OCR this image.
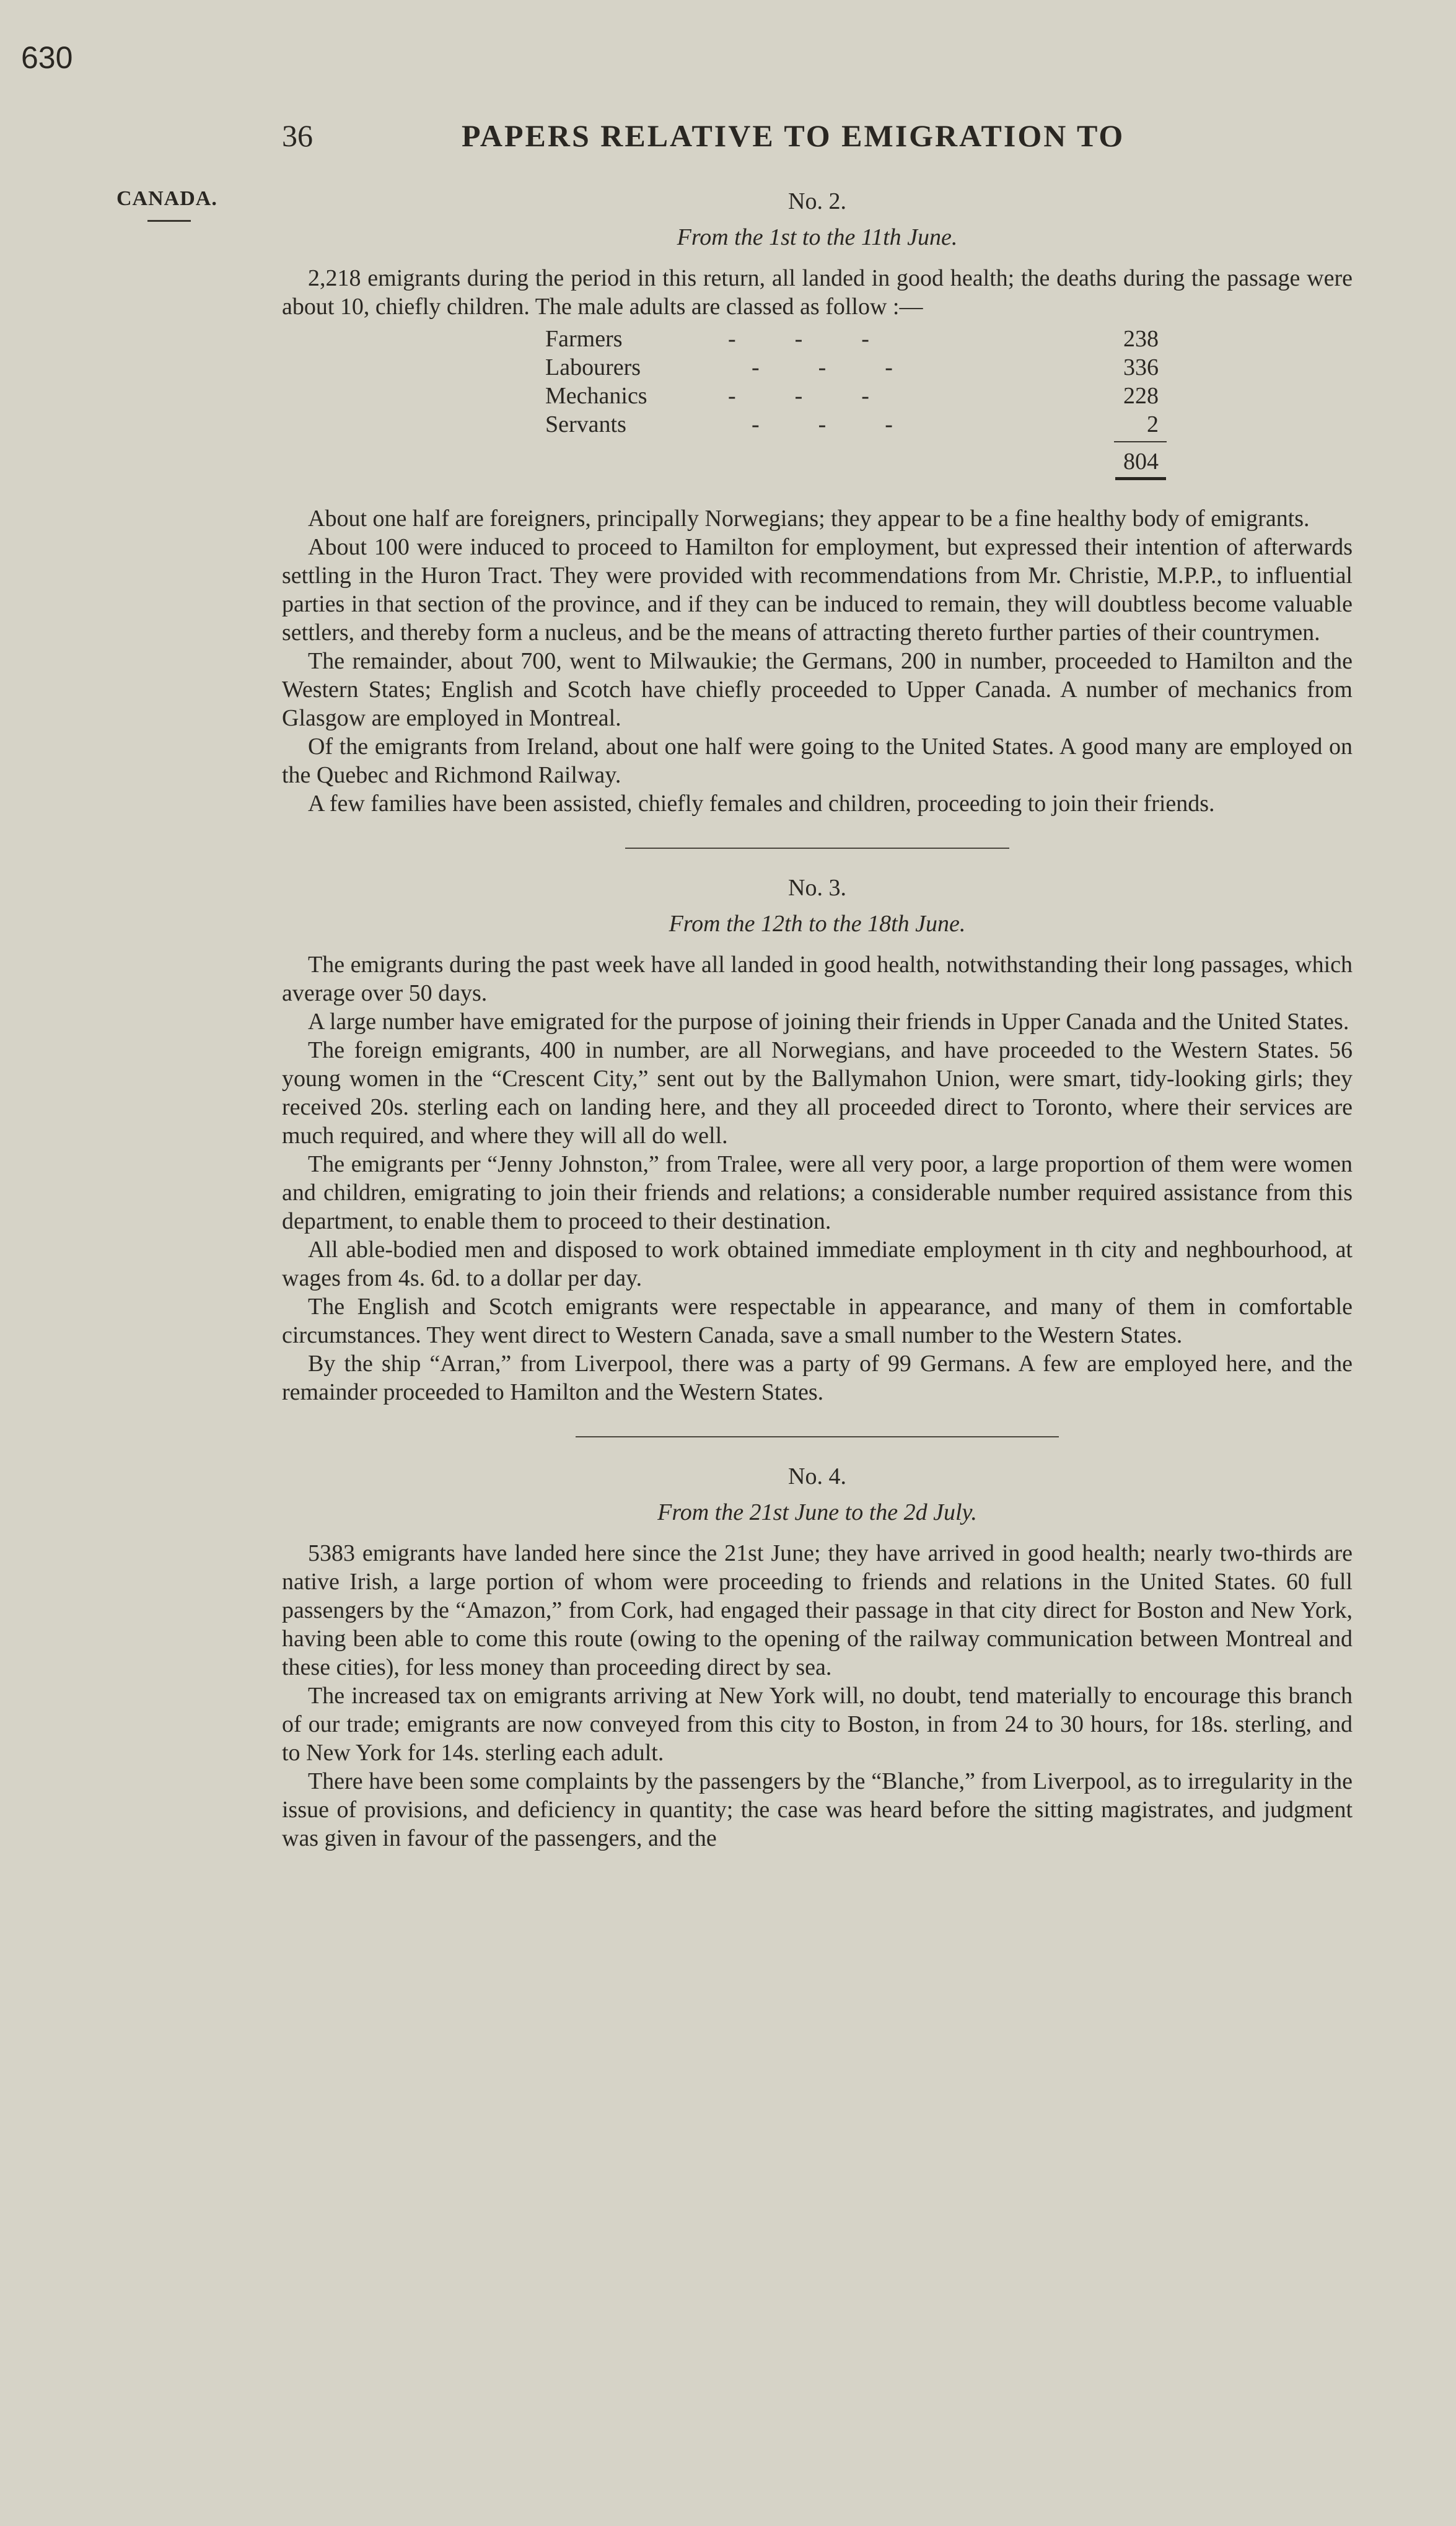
630
36	PAPERS RELATIVE TO EMIGRATION TO
CANADA.	No. 2.
From the 1st to the 11th June.

2,218 emigrants during the period in this return, all landed in good health; the deaths during the passage were about 10, chiefly children. The male adults are classed as follow :—

Farmers	-          -          -	238
Labourers	-          -          -	336
Mechanics	-          -          -	228
Servants	-          -          -	2
804

About one half are foreigners, principally Norwegians; they appear to be a fine healthy body of emigrants.

About 100 were induced to proceed to Hamilton for employment, but expressed their intention of afterwards settling in the Huron Tract. They were provided with recommendations from Mr. Christie, M.P.P., to influential parties in that section of the province, and if they can be induced to remain, they will doubtless become valuable settlers, and thereby form a nucleus, and be the means of attracting thereto further parties of their countrymen.

The remainder, about 700, went to Milwaukie; the Germans, 200 in number, proceeded to Hamilton and the Western States; English and Scotch have chiefly proceeded to Upper Canada. A number of mechanics from Glasgow are employed in Montreal.

Of the emigrants from Ireland, about one half were going to the United States. A good many are employed on the Quebec and Richmond Railway.

A few families have been assisted, chiefly females and children, proceeding to join their friends.

No. 3.
From the 12th to the 18th June.

The emigrants during the past week have all landed in good health, notwithstanding their long passages, which average over 50 days.

A large number have emigrated for the purpose of joining their friends in Upper Canada and the United States.

The foreign emigrants, 400 in number, are all Norwegians, and have proceeded to the Western States. 56 young women in the “Crescent City,” sent out by the Ballymahon Union, were smart, tidy-looking girls; they received 20s. sterling each on landing here, and they all proceeded direct to Toronto, where their services are much required, and where they will all do well.

The emigrants per “Jenny Johnston,” from Tralee, were all very poor, a large proportion of them were women and children, emigrating to join their friends and relations; a considerable number required assistance from this department, to enable them to proceed to their destination.

All able-bodied men and disposed to work obtained immediate employment in th city and neghbourhood, at wages from 4s. 6d. to a dollar per day.

The English and Scotch emigrants were respectable in appearance, and many of them in comfortable circumstances. They went direct to Western Canada, save a small number to the Western States.

By the ship “Arran,” from Liverpool, there was a party of 99 Germans. A few are employed here, and the remainder proceeded to Hamilton and the Western States.

No. 4.
From the 21st June to the 2d July.

5383 emigrants have landed here since the 21st June; they have arrived in good health; nearly two-thirds are native Irish, a large portion of whom were proceeding to friends and relations in the United States. 60 full passengers by the “Amazon,” from Cork, had engaged their passage in that city direct for Boston and New York, having been able to come this route (owing to the opening of the railway communication between Montreal and these cities), for less money than proceeding direct by sea.

The increased tax on emigrants arriving at New York will, no doubt, tend materially to encourage this branch of our trade; emigrants are now conveyed from this city to Boston, in from 24 to 30 hours, for 18s. sterling, and to New York for 14s. sterling each adult.

There have been some complaints by the passengers by the “Blanche,” from Liverpool, as to irregularity in the issue of provisions, and deficiency in quantity; the case was heard before the sitting magistrates, and judgment was given in favour of the passengers, and the
